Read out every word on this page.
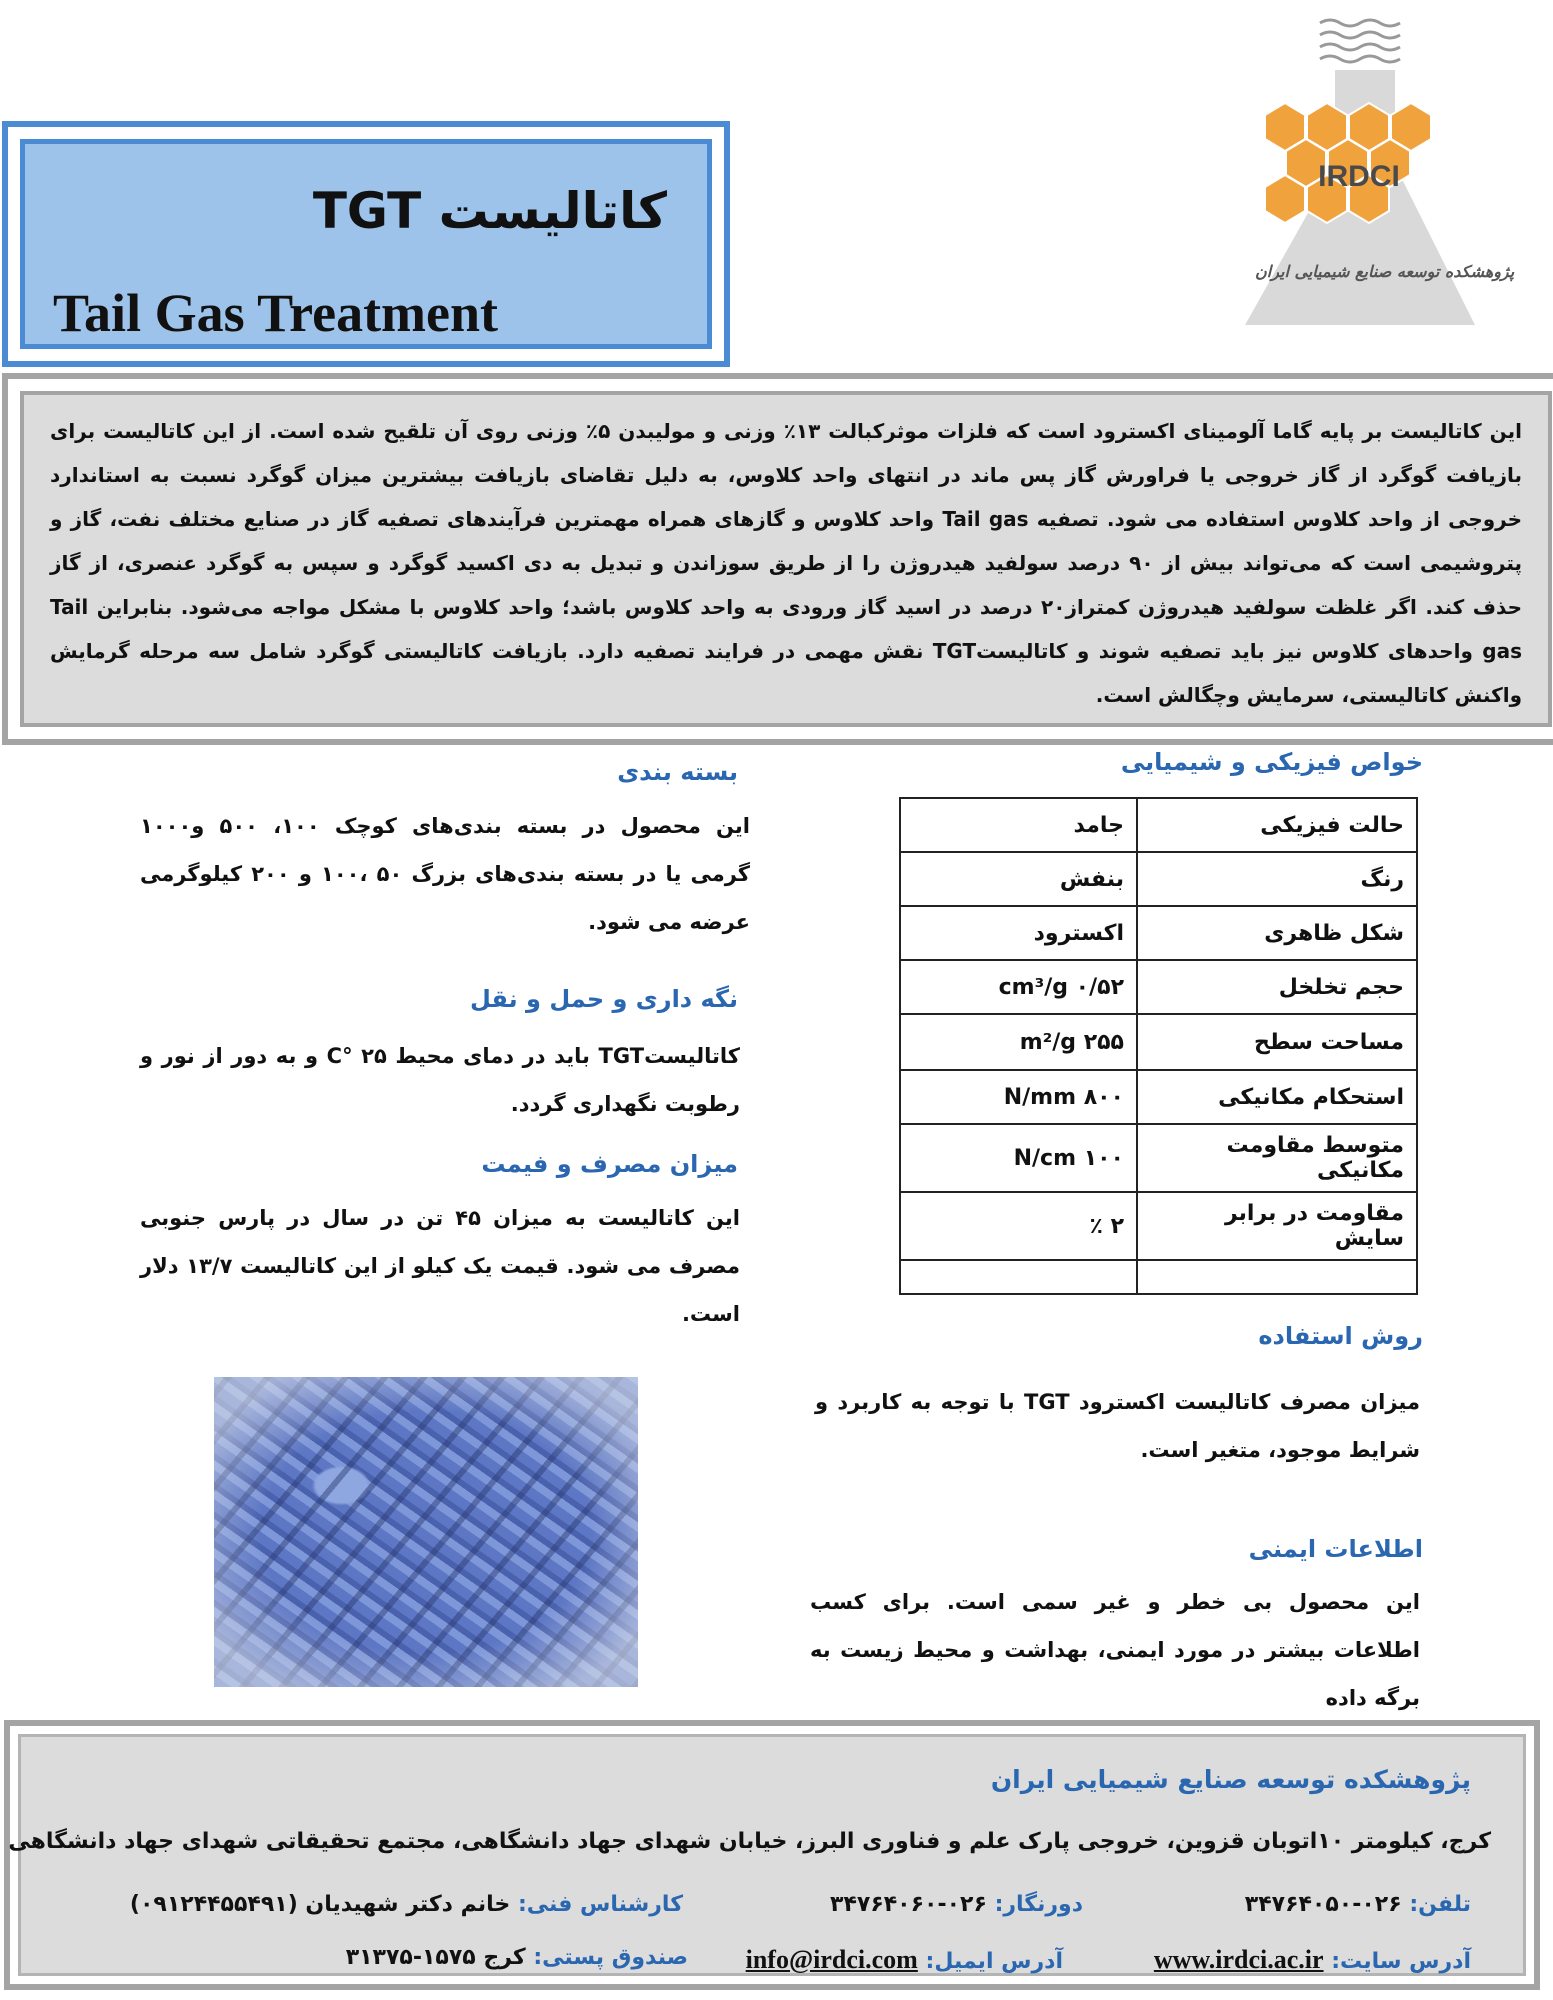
کاتالیست TGT
Tail Gas Treatment
IRDCI
پژوهشکده توسعه صنایع شیمیایی ایران
این کاتالیست بر پایه گاما آلومینای اکسترود است که فلزات موثرکبالت ۱۳٪ وزنی و مولیبدن ۵٪ وزنی روی آن تلقیح شده است. از این کاتالیست برای بازیافت گوگرد از گاز خروجی یا فراورش گاز پس ماند در انتهای واحد کلاوس، به دلیل تقاضای بازیافت بیشترین میزان گوگرد نسبت به استاندارد خروجی از واحد کلاوس استفاده می شود. تصفیه Tail gas واحد کلاوس و گازهای همراه مهمترین فرآیندهای تصفیه گاز در صنایع مختلف نفت، گاز و پتروشیمی است که می‌تواند بیش از ۹۰ درصد سولفید هیدروژن را از طریق سوزاندن و تبدیل به دی اکسید گوگرد و سپس به گوگرد عنصری، از گاز حذف کند. اگر غلظت سولفید هیدروژن کمتراز۲۰ درصد در اسید گاز ورودی به واحد کلاوس باشد؛ واحد کلاوس با مشکل مواجه می‌شود. بنابراین Tail gas واحدهای کلاوس نیز باید تصفیه شوند و کاتالیستTGT نقش مهمی در فرایند تصفیه دارد. بازیافت کاتالیستی گوگرد شامل سه مرحله گرمایش واکنش کاتالیستی، سرمایش وچگالش است.
خواص فیزیکی و شیمیایی
حالت فیزیکی	جامد
رنگ	بنفش
شکل ظاهری	اکسترود
حجم تخلخل	۰/۵۲ cm³/g
مساحت سطح	۲۵۵ m²/g
استحکام مکانیکی	۸۰۰ N/mm
متوسط مقاومت مکانیکی	۱۰۰ N/cm
مقاومت در برابر سایش	۲ ٪

بسته بندی
این محصول در بسته بندی‌های کوچک ۱۰۰، ۵۰۰ و۱۰۰۰ گرمی یا در بسته بندی‌های بزرگ ۵۰ ،۱۰۰ و ۲۰۰ کیلوگرمی عرضه می شود.
نگه داری و حمل و نقل
کاتالیستTGT باید در دمای محیط ۲۵ °C و به دور از نور و رطوبت نگهداری گردد.
میزان مصرف و فیمت
این کاتالیست به میزان ۴۵ تن در سال در پارس جنوبی مصرف می شود. قیمت یک کیلو از این کاتالیست ۱۳/۷ دلار است.
روش استفاده
میزان مصرف کاتالیست اکسترود TGT با توجه به کاربرد و شرایط موجود، متغیر است.
اطلاعات ایمنی
این محصول بی خطر و غیر سمی است. برای کسب اطلاعات بیشتر در مورد ایمنی، بهداشت و محیط زیست به برگه داده
پژوهشکده توسعه صنایع شیمیایی ایران
کرج، کیلومتر ۱۰اتوبان قزوین، خروجی پارک علم و فناوری البرز، خیابان شهدای جهاد دانشگاهی، مجتمع تحقیقاتی شهدای جهاد دانشگاهی
تلفن: ۰۲۶-۳۴۷۶۴۰۵۰
دورنگار: ۰۲۶-۳۴۷۶۴۰۶۰
کارشناس فنی: خانم دکتر شهیدیان (۰۹۱۲۴۴۵۵۴۹۱)
آدرس سایت: www.irdci.ac.ir
آدرس ایمیل: info@irdci.com
صندوق پستی: کرج ۱۵۷۵-۳۱۳۷۵
